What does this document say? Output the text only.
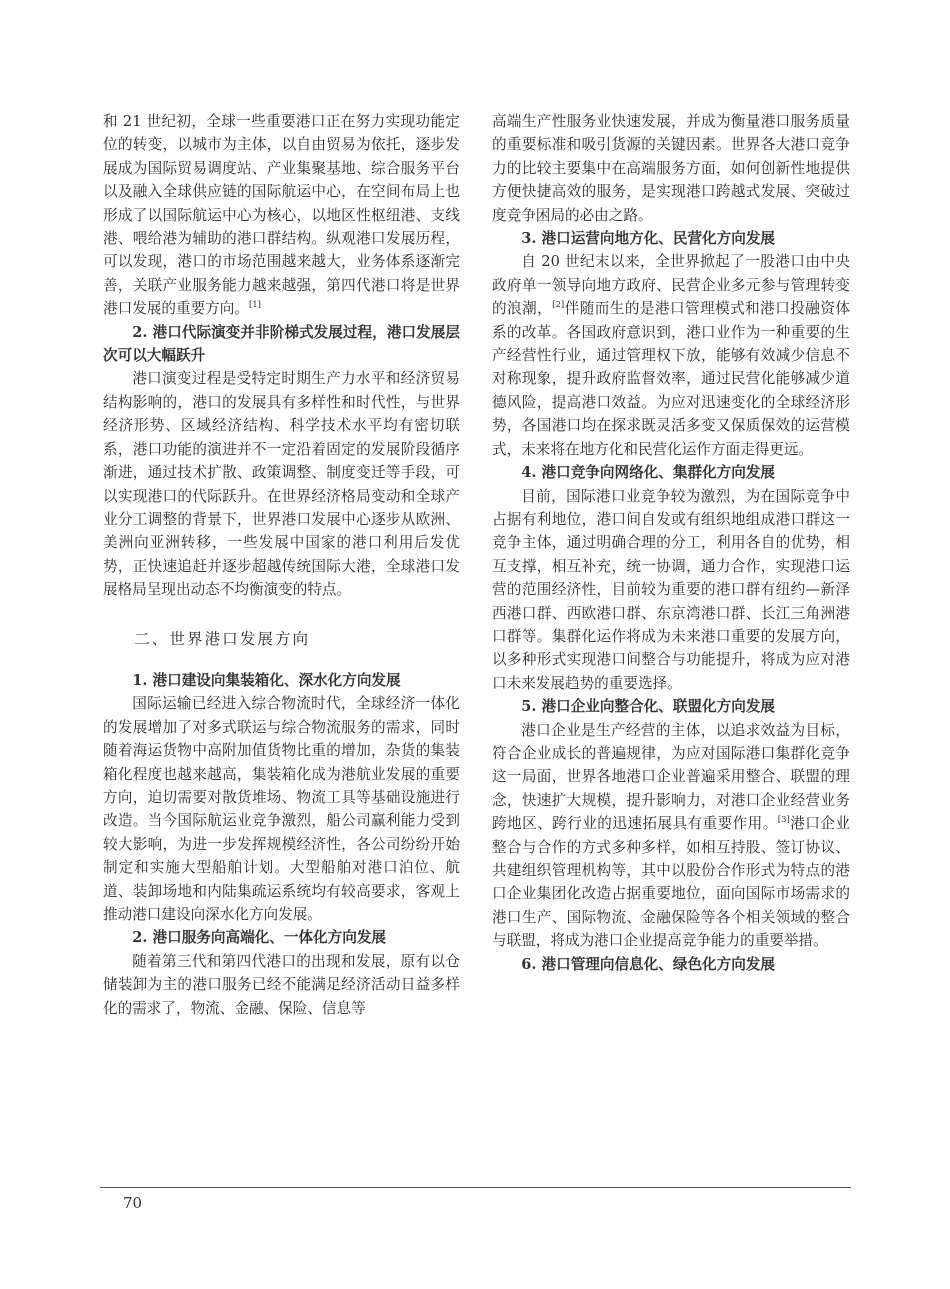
和 21 世纪初，全球一些重要港口正在努力实现功能定位的转变，以城市为主体，以自由贸易为依托，逐步发展成为国际贸易调度站、产业集聚基地、综合服务平台以及融入全球供应链的国际航运中心，在空间布局上也形成了以国际航运中心为核心，以地区性枢纽港、支线港、喂给港为辅助的港口群结构。纵观港口发展历程，可以发现，港口的市场范围越来越大，业务体系逐渐完善，关联产业服务能力越来越强，第四代港口将是世界港口发展的重要方向。[1]

2. 港口代际演变并非阶梯式发展过程，港口发展层次可以大幅跃升

港口演变过程是受特定时期生产力水平和经济贸易结构影响的，港口的发展具有多样性和时代性，与世界经济形势、区域经济结构、科学技术水平均有密切联系，港口功能的演进并不一定沿着固定的发展阶段循序渐进，通过技术扩散、政策调整、制度变迁等手段，可以实现港口的代际跃升。在世界经济格局变动和全球产业分工调整的背景下，世界港口发展中心逐步从欧洲、美洲向亚洲转移，一些发展中国家的港口利用后发优势，正快速追赶并逐步超越传统国际大港，全球港口发展格局呈现出动态不均衡演变的特点。

二、世界港口发展方向

1. 港口建设向集装箱化、深水化方向发展

国际运输已经进入综合物流时代，全球经济一体化的发展增加了对多式联运与综合物流服务的需求，同时随着海运货物中高附加值货物比重的增加，杂货的集装箱化程度也越来越高，集装箱化成为港航业发展的重要方向，迫切需要对散货堆场、物流工具等基础设施进行改造。当今国际航运业竞争激烈，船公司赢利能力受到较大影响，为进一步发挥规模经济性，各公司纷纷开始制定和实施大型船舶计划。大型船舶对港口泊位、航道、装卸场地和内陆集疏运系统均有较高要求，客观上推动港口建设向深水化方向发展。

2. 港口服务向高端化、一体化方向发展

随着第三代和第四代港口的出现和发展，原有以仓储装卸为主的港口服务已经不能满足经济活动日益多样化的需求了，物流、金融、保险、信息等

高端生产性服务业快速发展，并成为衡量港口服务质量的重要标准和吸引货源的关键因素。世界各大港口竞争力的比较主要集中在高端服务方面，如何创新性地提供方便快捷高效的服务，是实现港口跨越式发展、突破过度竞争困局的必由之路。

3. 港口运营向地方化、民营化方向发展

自 20 世纪末以来，全世界掀起了一股港口由中央政府单一领导向地方政府、民营企业多元参与管理转变的浪潮，[2]伴随而生的是港口管理模式和港口投融资体系的改革。各国政府意识到，港口业作为一种重要的生产经营性行业，通过管理权下放，能够有效减少信息不对称现象，提升政府监督效率，通过民营化能够减少道德风险，提高港口效益。为应对迅速变化的全球经济形势，各国港口均在探求既灵活多变又保质保效的运营模式，未来将在地方化和民营化运作方面走得更远。

4. 港口竞争向网络化、集群化方向发展

目前，国际港口业竞争较为激烈，为在国际竞争中占据有利地位，港口间自发或有组织地组成港口群这一竞争主体，通过明确合理的分工，利用各自的优势，相互支撑，相互补充，统一协调，通力合作，实现港口运营的范围经济性，目前较为重要的港口群有纽约—新泽西港口群、西欧港口群、东京湾港口群、长江三角洲港口群等。集群化运作将成为未来港口重要的发展方向，以多种形式实现港口间整合与功能提升，将成为应对港口未来发展趋势的重要选择。

5. 港口企业向整合化、联盟化方向发展

港口企业是生产经营的主体，以追求效益为目标，符合企业成长的普遍规律，为应对国际港口集群化竞争这一局面，世界各地港口企业普遍采用整合、联盟的理念，快速扩大规模，提升影响力，对港口企业经营业务跨地区、跨行业的迅速拓展具有重要作用。[3]港口企业整合与合作的方式多种多样，如相互持股、签订协议、共建组织管理机构等，其中以股份合作形式为特点的港口企业集团化改造占据重要地位，面向国际市场需求的港口生产、国际物流、金融保险等各个相关领域的整合与联盟，将成为港口企业提高竞争能力的重要举措。

6. 港口管理向信息化、绿色化方向发展

70
